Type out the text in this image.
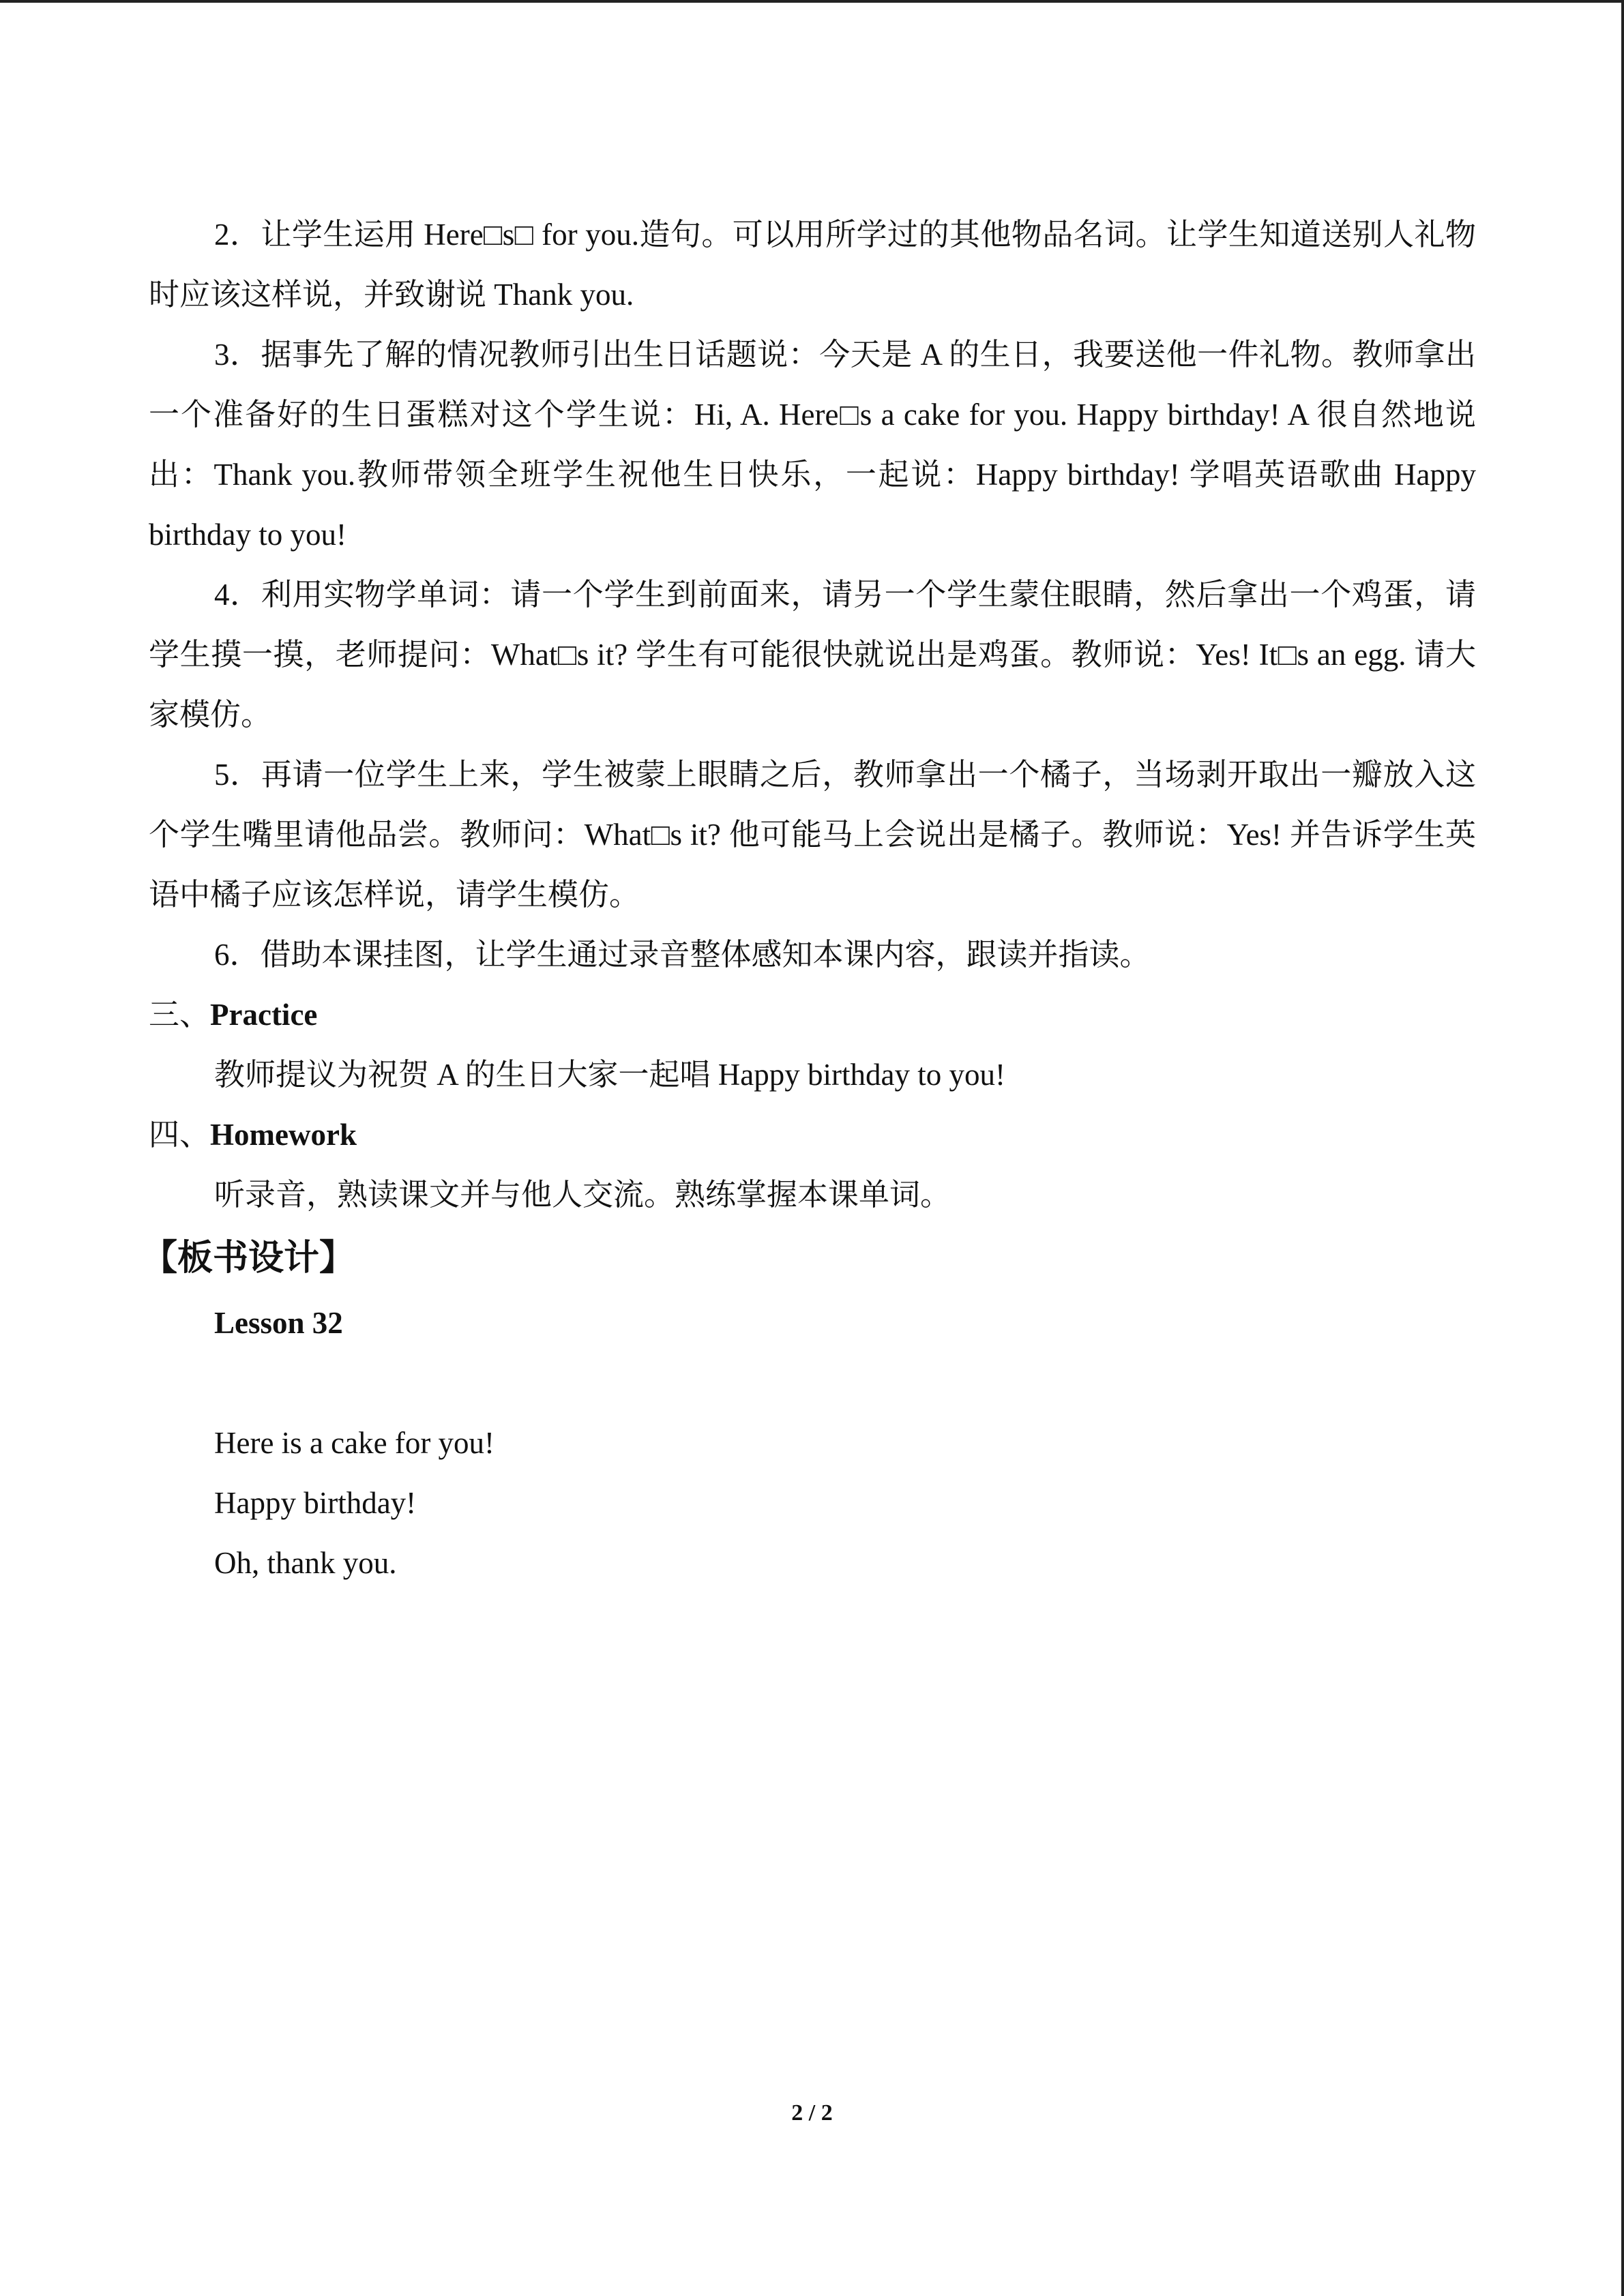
2．让学生运用 Here□s□ for you.造句。可以用所学过的其他物品名词。让学生知道送别人礼物时应该这样说，并致谢说 Thank you.

3．据事先了解的情况教师引出生日话题说：今天是 A 的生日，我要送他一件礼物。教师拿出一个准备好的生日蛋糕对这个学生说：Hi, A. Here□s a cake for you. Happy birthday! A 很自然地说出：Thank you.教师带领全班学生祝他生日快乐，一起说：Happy birthday! 学唱英语歌曲 Happy birthday to you!

4．利用实物学单词：请一个学生到前面来，请另一个学生蒙住眼睛，然后拿出一个鸡蛋，请学生摸一摸，老师提问：What□s it? 学生有可能很快就说出是鸡蛋。教师说：Yes! It□s an egg. 请大家模仿。

5．再请一位学生上来，学生被蒙上眼睛之后，教师拿出一个橘子，当场剥开取出一瓣放入这个学生嘴里请他品尝。教师问：What□s it? 他可能马上会说出是橘子。教师说：Yes! 并告诉学生英语中橘子应该怎样说，请学生模仿。

6．借助本课挂图，让学生通过录音整体感知本课内容，跟读并指读。

三、Practice

教师提议为祝贺 A 的生日大家一起唱 Happy birthday to you!

四、Homework

听录音，熟读课文并与他人交流。熟练掌握本课单词。

【板书设计】

Lesson 32

Here is a cake for you!

Happy birthday!

Oh, thank you.

2 / 2
